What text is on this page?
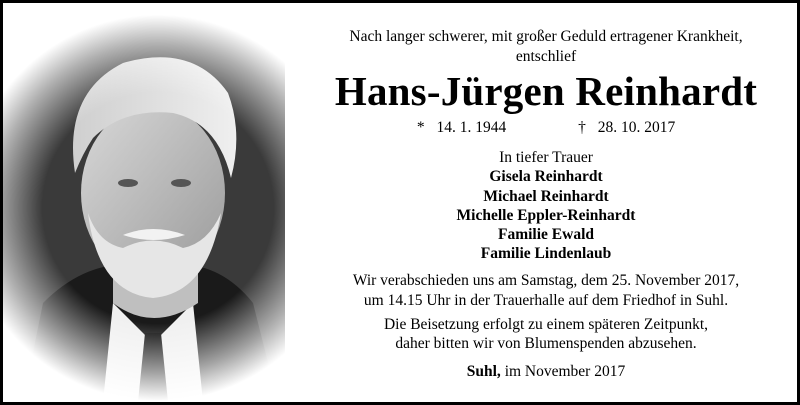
Nach langer schwerer, mit großer Geduld ertragener Krankheit,
entschlief
Hans-Jürgen Reinhardt
* 14. 1. 1944	† 28. 10. 2017
In tiefer Trauer
Gisela Reinhardt
Michael Reinhardt
Michelle Eppler-Reinhardt
Familie Ewald
Familie Lindenlaub
Wir verabschieden uns am Samstag, dem 25. November 2017,
um 14.15 Uhr in der Trauerhalle auf dem Friedhof in Suhl.
Die Beisetzung erfolgt zu einem späteren Zeitpunkt,
daher bitten wir von Blumenspenden abzusehen.
Suhl, im November 2017
